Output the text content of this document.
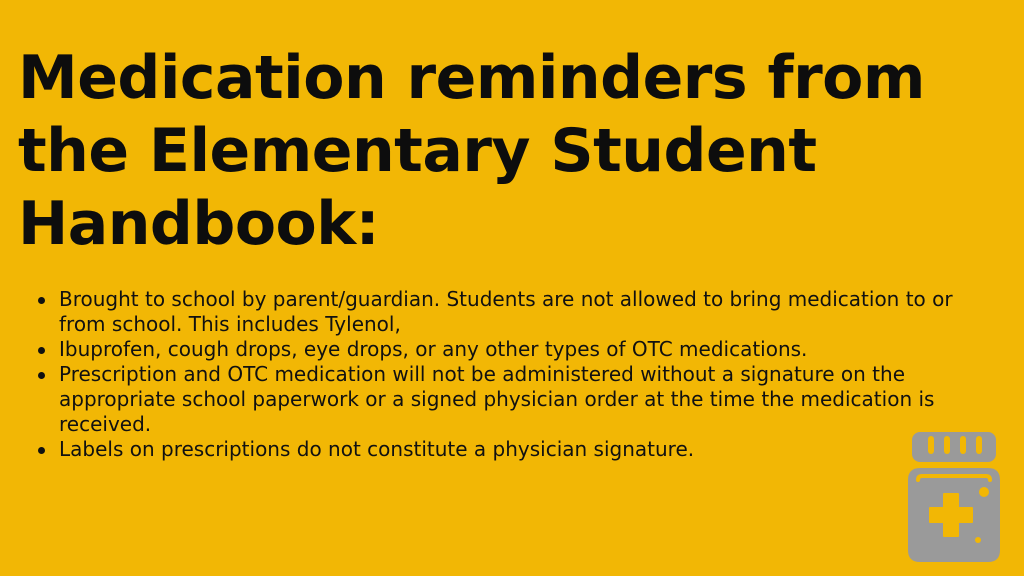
Medication reminders from the Elementary Student Handbook:
Brought to school by parent/guardian. Students are not allowed to bring medication to or from school. This includes Tylenol,
Ibuprofen, cough drops, eye drops, or any other types of OTC medications.
Prescription and OTC medication will not be administered without a signature on the appropriate school paperwork or a signed physician order at the time the medication is received.
Labels on prescriptions do not constitute a physician signature.
